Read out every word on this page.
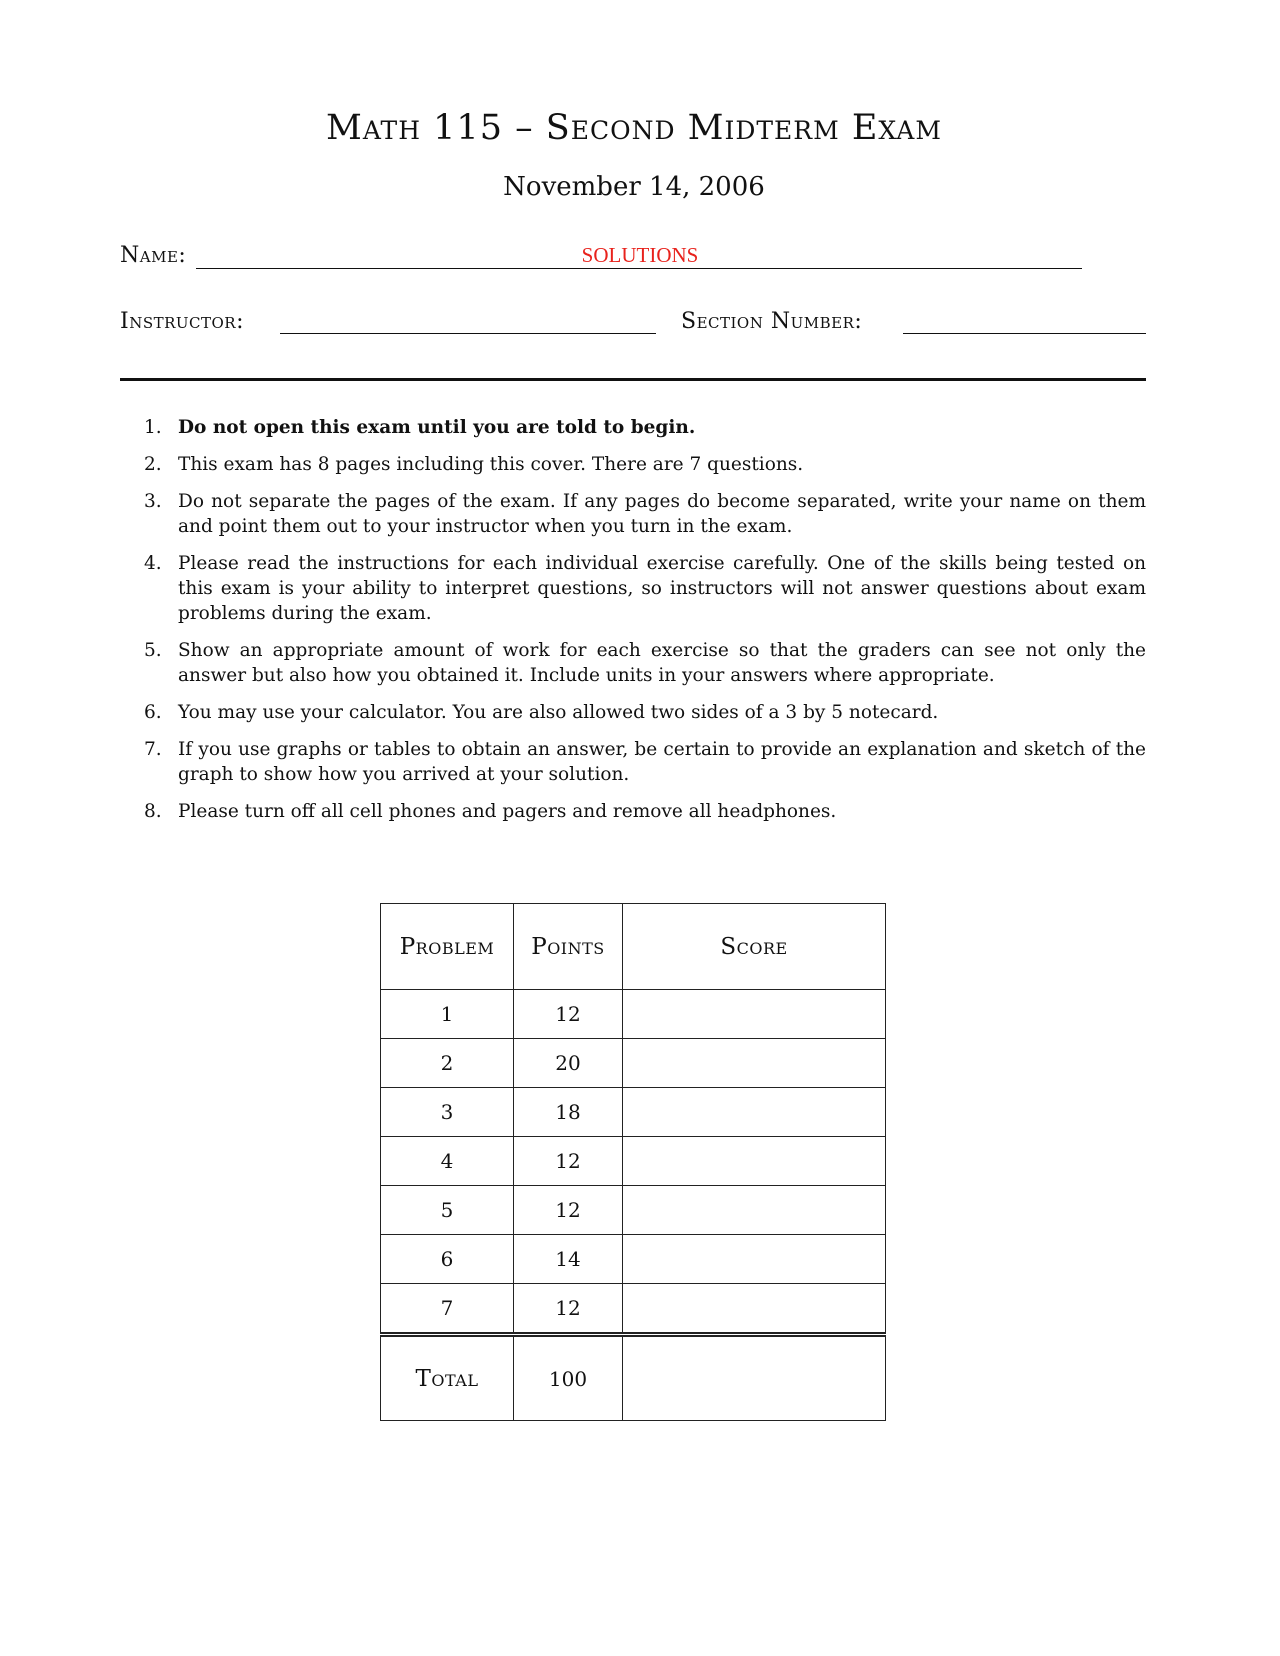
Math 115 – Second Midterm Exam
November 14, 2006
Name:	SOLUTIONS
Instructor:	Section Number:
1. Do not open this exam until you are told to begin.
2. This exam has 8 pages including this cover. There are 7 questions.
3. Do not separate the pages of the exam. If any pages do become separated, write your name on them and point them out to your instructor when you turn in the exam.
4. Please read the instructions for each individual exercise carefully. One of the skills being tested on this exam is your ability to interpret questions, so instructors will not answer questions about exam problems during the exam.
5. Show an appropriate amount of work for each exercise so that the graders can see not only the answer but also how you obtained it. Include units in your answers where appropriate.
6. You may use your calculator. You are also allowed two sides of a 3 by 5 notecard.
7. If you use graphs or tables to obtain an answer, be certain to provide an explanation and sketch of the graph to show how you arrived at your solution.
8. Please turn off all cell phones and pagers and remove all headphones.
Problem	Points	Score
1	12	
2	20	
3	18	
4	12	
5	12	
6	14	
7	12	
Total	100	
